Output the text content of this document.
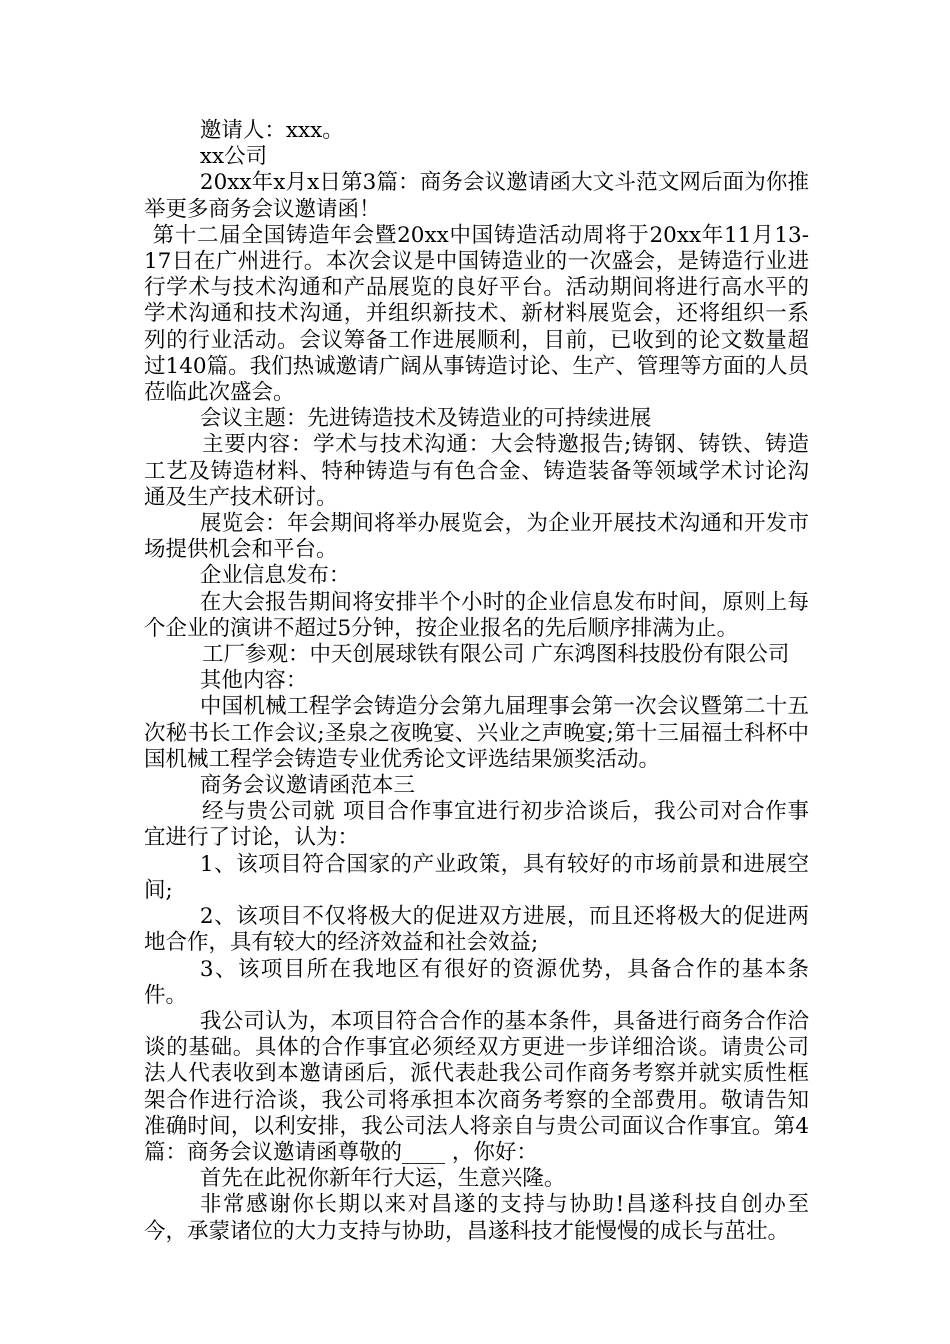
邀请人：xxx。

xx公司

20xx年x月x日第3篇：商务会议邀请函大文斗范文网后面为你推举更多商务会议邀请函！

第十二届全国铸造年会暨20xx中国铸造活动周将于20xx年11月13-17日在广州进行。本次会议是中国铸造业的一次盛会，是铸造行业进行学术与技术沟通和产品展览的良好平台。活动期间将进行高水平的学术沟通和技术沟通，并组织新技术、新材料展览会，还将组织一系列的行业活动。会议筹备工作进展顺利，目前，已收到的论文数量超过140篇。我们热诚邀请广阔从事铸造讨论、生产、管理等方面的人员莅临此次盛会。

会议主题：先进铸造技术及铸造业的可持续进展

主要内容：学术与技术沟通：大会特邀报告;铸钢、铸铁、铸造工艺及铸造材料、特种铸造与有色合金、铸造装备等领域学术讨论沟通及生产技术研讨。

展览会：年会期间将举办展览会，为企业开展技术沟通和开发市场提供机会和平台。

企业信息发布：

在大会报告期间将安排半个小时的企业信息发布时间，原则上每个企业的演讲不超过5分钟，按企业报名的先后顺序排满为止。

工厂参观：中天创展球铁有限公司 广东鸿图科技股份有限公司

其他内容：

中国机械工程学会铸造分会第九届理事会第一次会议暨第二十五次秘书长工作会议;圣泉之夜晚宴、兴业之声晚宴;第十三届福士科杯中国机械工程学会铸造专业优秀论文评选结果颁奖活动。

商务会议邀请函范本三

经与贵公司就 项目合作事宜进行初步洽谈后，我公司对合作事宜进行了讨论，认为：

1、该项目符合国家的产业政策，具有较好的市场前景和进展空间;

2、该项目不仅将极大的促进双方进展，而且还将极大的促进两地合作，具有较大的经济效益和社会效益;

3、该项目所在我地区有很好的资源优势，具备合作的基本条件。

我公司认为，本项目符合合作的基本条件，具备进行商务合作洽谈的基础。具体的合作事宜必须经双方更进一步详细洽谈。请贵公司法人代表收到本邀请函后，派代表赴我公司作商务考察并就实质性框架合作进行洽谈，我公司将承担本次商务考察的全部费用。敬请告知准确时间，以利安排，我公司法人将亲自与贵公司面议合作事宜。第4篇：商务会议邀请函尊敬的____ ，你好：

首先在此祝你新年行大运，生意兴隆。

非常感谢你长期以来对昌遂的支持与协助!昌遂科技自创办至今，承蒙诸位的大力支持与协助，昌遂科技才能慢慢的成长与茁壮。
